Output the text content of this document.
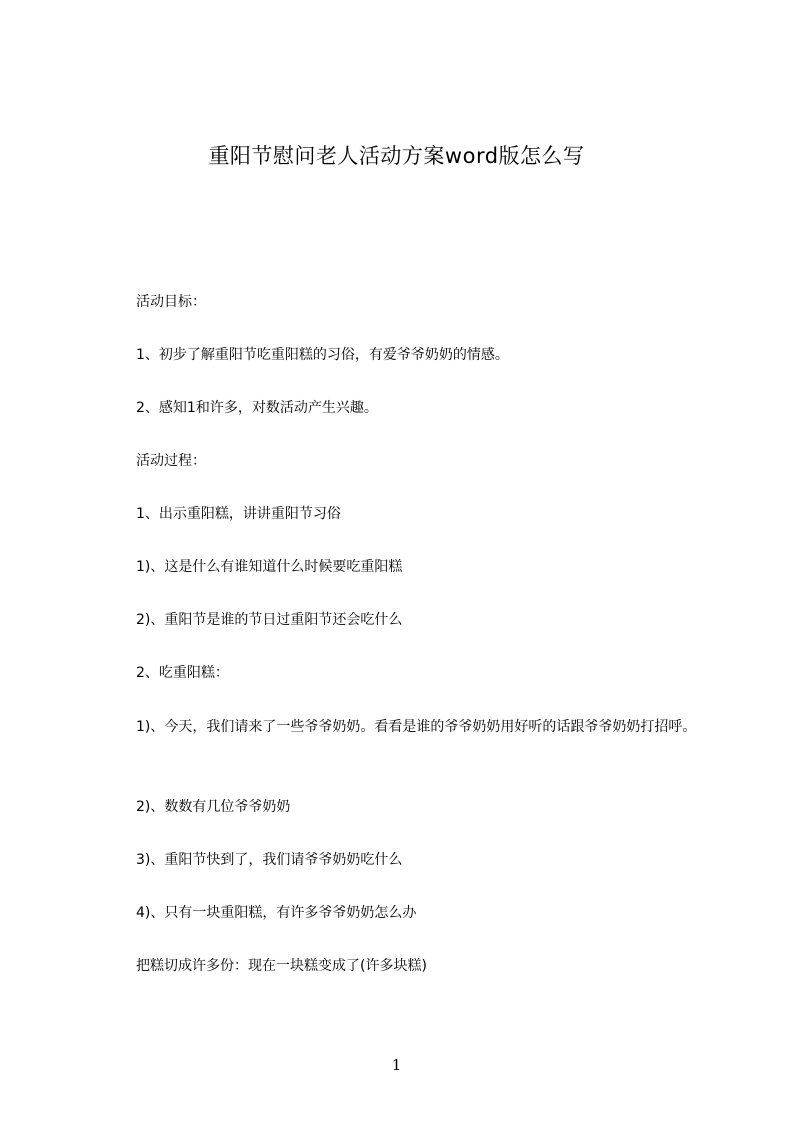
重阳节慰问老人活动方案word版怎么写

活动目标：

1、初步了解重阳节吃重阳糕的习俗，有爱爷爷奶奶的情感。

2、感知1和许多，对数活动产生兴趣。

活动过程：

1、出示重阳糕，讲讲重阳节习俗

1)、这是什么有谁知道什么时候要吃重阳糕

2)、重阳节是谁的节日过重阳节还会吃什么

2、吃重阳糕：

1)、今天，我们请来了一些爷爷奶奶。看看是谁的爷爷奶奶用好听的话跟爷爷奶奶打招呼。

2)、数数有几位爷爷奶奶

3)、重阳节快到了，我们请爷爷奶奶吃什么

4)、只有一块重阳糕，有许多爷爷奶奶怎么办

把糕切成许多份：现在一块糕变成了(许多块糕)

1
